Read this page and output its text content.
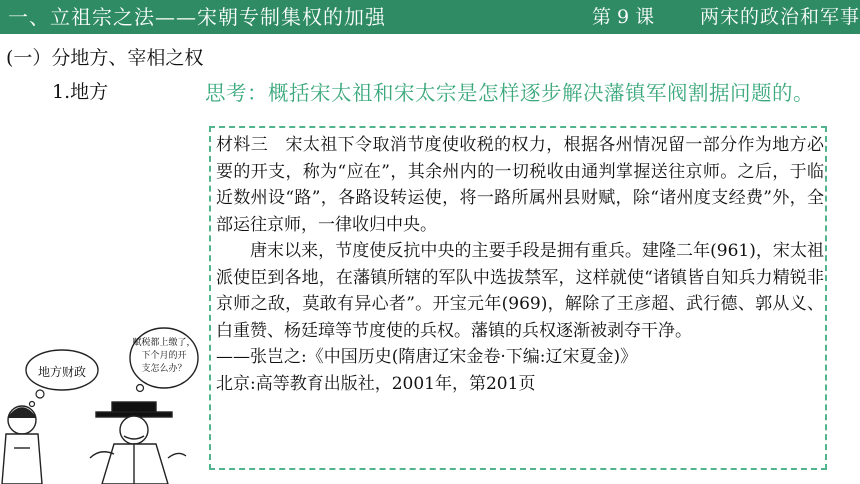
一、立祖宗之法——宋朝专制集权的加强	第 9 课 两宋的政治和军事
(一）分地方、宰相之权
1.地方	思考：概括宋太祖和宋太宗是怎样逐步解决藩镇军阀割据问题的。

材料三　宋太祖下令取消节度使收税的权力，根据各州情况留一部分作为地方必要的开支，称为“应在”，其余州内的一切税收由通判掌握送往京师。之后，于临近数州设“路”，各路设转运使，将一路所属州县财赋，除“诸州度支经费”外，全部运往京师，一律收归中央。

唐末以来，节度使反抗中央的主要手段是拥有重兵。建隆二年(961)，宋太祖派使臣到各地，在藩镇所辖的军队中选拔禁军，这样就使“诸镇皆自知兵力精锐非京师之敌，莫敢有异心者”。开宝元年(969)，解除了王彦超、武行德、郭从义、白重赞、杨廷璋等节度使的兵权。藩镇的兵权逐渐被剥夺干净。

——张岂之:《中国历史(隋唐辽宋金卷·下编:辽宋夏金)》

北京:高等教育出版社，2001年，第201页

地方财政
赋税都上缴了，
下个月的开
支怎么办？
